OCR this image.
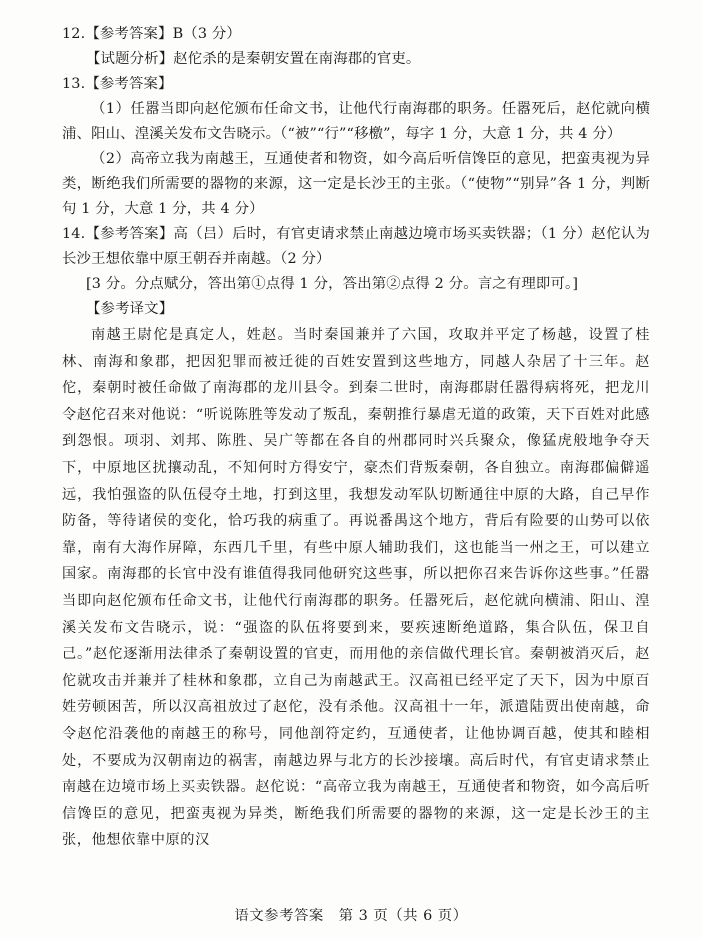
12.【参考答案】B（3 分）

【试题分析】赵佗杀的是秦朝安置在南海郡的官吏。

13.【参考答案】

（1）任嚣当即向赵佗颁布任命文书，让他代行南海郡的职务。任嚣死后，赵佗就向横浦、阳山、湟溪关发布文告晓示。（“被”“行”“移檄”，每字 1 分，大意 1 分，共 4 分）

（2）高帝立我为南越王，互通使者和物资，如今高后听信馋臣的意见，把蛮夷视为异类，断绝我们所需要的器物的来源，这一定是长沙王的主张。（“使物”“别异”各 1 分，判断句 1 分，大意 1 分，共 4 分）

14.【参考答案】高（吕）后时，有官吏请求禁止南越边境市场买卖铁器；（1 分）赵佗认为长沙王想依靠中原王朝吞并南越。（2 分）

[3 分。分点赋分，答出第①点得 1 分，答出第②点得 2 分。言之有理即可。]

【参考译文】

南越王尉佗是真定人，姓赵。当时秦国兼并了六国，攻取并平定了杨越，设置了桂林、南海和象郡，把因犯罪而被迁徙的百姓安置到这些地方，同越人杂居了十三年。赵佗，秦朝时被任命做了南海郡的龙川县令。到秦二世时，南海郡尉任嚣得病将死，把龙川令赵佗召来对他说：“听说陈胜等发动了叛乱，秦朝推行暴虐无道的政策，天下百姓对此感到怨恨。项羽、刘邦、陈胜、吴广等都在各自的州郡同时兴兵聚众，像猛虎般地争夺天下，中原地区扰攘动乱，不知何时方得安宁，豪杰们背叛秦朝，各自独立。南海郡偏僻遥远，我怕强盗的队伍侵夺土地，打到这里，我想发动军队切断通往中原的大路，自己早作防备，等待诸侯的变化，恰巧我的病重了。再说番禺这个地方，背后有险要的山势可以依靠，南有大海作屏障，东西几千里，有些中原人辅助我们，这也能当一州之王，可以建立国家。南海郡的长官中没有谁值得我同他研究这些事，所以把你召来告诉你这些事。”任嚣当即向赵佗颁布任命文书，让他代行南海郡的职务。任嚣死后，赵佗就向横浦、阳山、湟溪关发布文告晓示，说：“强盗的队伍将要到来，要疾速断绝道路，集合队伍，保卫自己。”赵佗逐渐用法律杀了秦朝设置的官吏，而用他的亲信做代理长官。秦朝被消灭后，赵佗就攻击并兼并了桂林和象郡，立自己为南越武王。汉高祖已经平定了天下，因为中原百姓劳顿困苦，所以汉高祖放过了赵佗，没有杀他。汉高祖十一年，派遣陆贾出使南越，命令赵佗沿袭他的南越王的称号，同他剖符定约，互通使者，让他协调百越，使其和睦相处，不要成为汉朝南边的祸害，南越边界与北方的长沙接壤。高后时代，有官吏请求禁止南越在边境市场上买卖铁器。赵佗说：“高帝立我为南越王，互通使者和物资，如今高后听信馋臣的意见，把蛮夷视为异类，断绝我们所需要的器物的来源，这一定是长沙王的主张，他想依靠中原的汉

语文参考答案　第 3 页（共 6 页）
